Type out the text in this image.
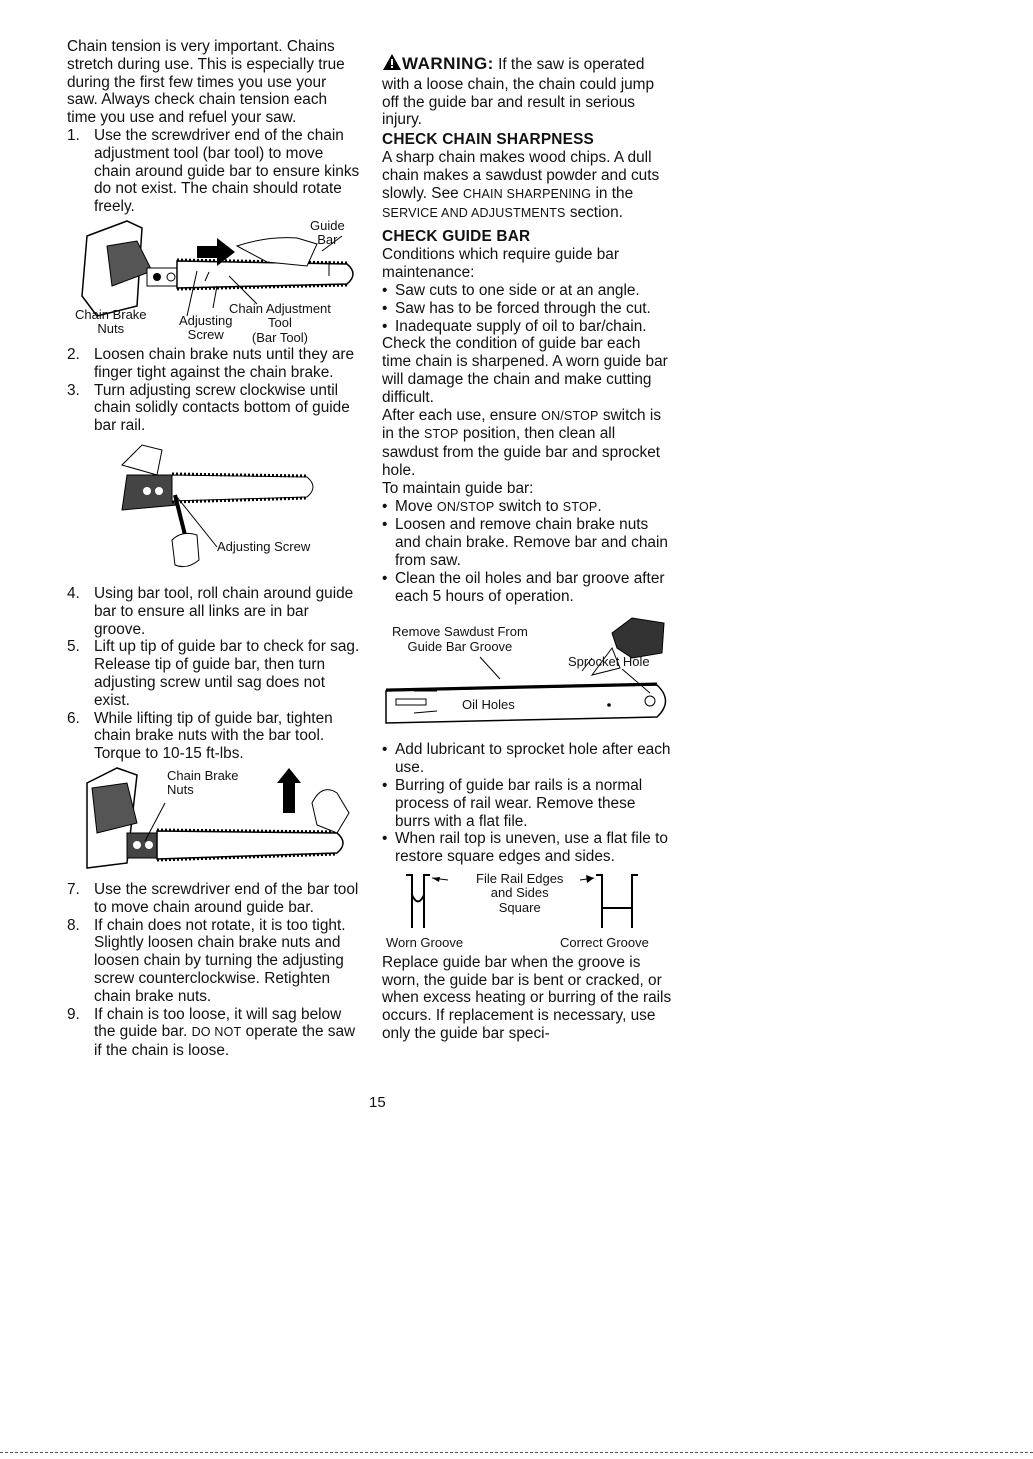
Chain tension is very important. Chains stretch during use. This is especially true during the first few times you use your saw. Always check chain tension each time you use and refuel your saw.

1. Use the screwdriver end of the chain adjustment tool (bar tool) to move chain around guide bar to ensure kinks do not exist. The chain should rotate freely.
Guide
Bar
Chain Brake
Nuts
Adjusting
Screw
Chain Adjustment
Tool
(Bar Tool)
2. Loosen chain brake nuts until they are finger tight against the chain brake.
3. Turn adjusting screw clockwise until chain solidly contacts bottom of guide bar rail.
Adjusting Screw
4. Using bar tool, roll chain around guide bar to ensure all links are in bar groove.
5. Lift up tip of guide bar to check for sag. Release tip of guide bar, then turn adjusting screw until sag does not exist.
6. While lifting tip of guide bar, tighten chain brake nuts with the bar tool. Torque to 10-15 ft-lbs.
Chain Brake
Nuts
7. Use the screwdriver end of the bar tool to move chain around guide bar.
8. If chain does not rotate, it is too tight. Slightly loosen chain brake nuts and loosen chain by turning the adjusting screw counterclockwise. Retighten chain brake nuts.
9. If chain is too loose, it will sag below the guide bar. DO NOT operate the saw if the chain is loose.

WARNING: If the saw is operated with a loose chain, the chain could jump off the guide bar and result in serious injury.

CHECK CHAIN SHARPNESS

A sharp chain makes wood chips. A dull chain makes a sawdust powder and cuts slowly. See CHAIN SHARPENING in the SERVICE AND ADJUSTMENTS section.

CHECK GUIDE BAR

Conditions which require guide bar maintenance:

• Saw cuts to one side or at an angle.
• Saw has to be forced through the cut.
• Inadequate supply of oil to bar/chain.

Check the condition of guide bar each time chain is sharpened. A worn guide bar will damage the chain and make cutting difficult.

After each use, ensure ON/STOP switch is in the STOP position, then clean all sawdust from the guide bar and sprocket hole.

To maintain guide bar:

• Move ON/STOP switch to STOP.
• Loosen and remove chain brake nuts and chain brake. Remove bar and chain from saw.
• Clean the oil holes and bar groove after each 5 hours of operation.
Remove Sawdust From
Guide Bar Groove
Sprocket Hole
Oil Holes
• Add lubricant to sprocket hole after each use.
• Burring of guide bar rails is a normal process of rail wear. Remove these burrs with a flat file.
• When rail top is uneven, use a flat file to restore square edges and sides.
File Rail Edges
and Sides
Square
Worn Groove	Correct Groove

Replace guide bar when the groove is worn, the guide bar is bent or cracked, or when excess heating or burring of the rails occurs. If replacement is necessary, use only the guide bar speci-

15
